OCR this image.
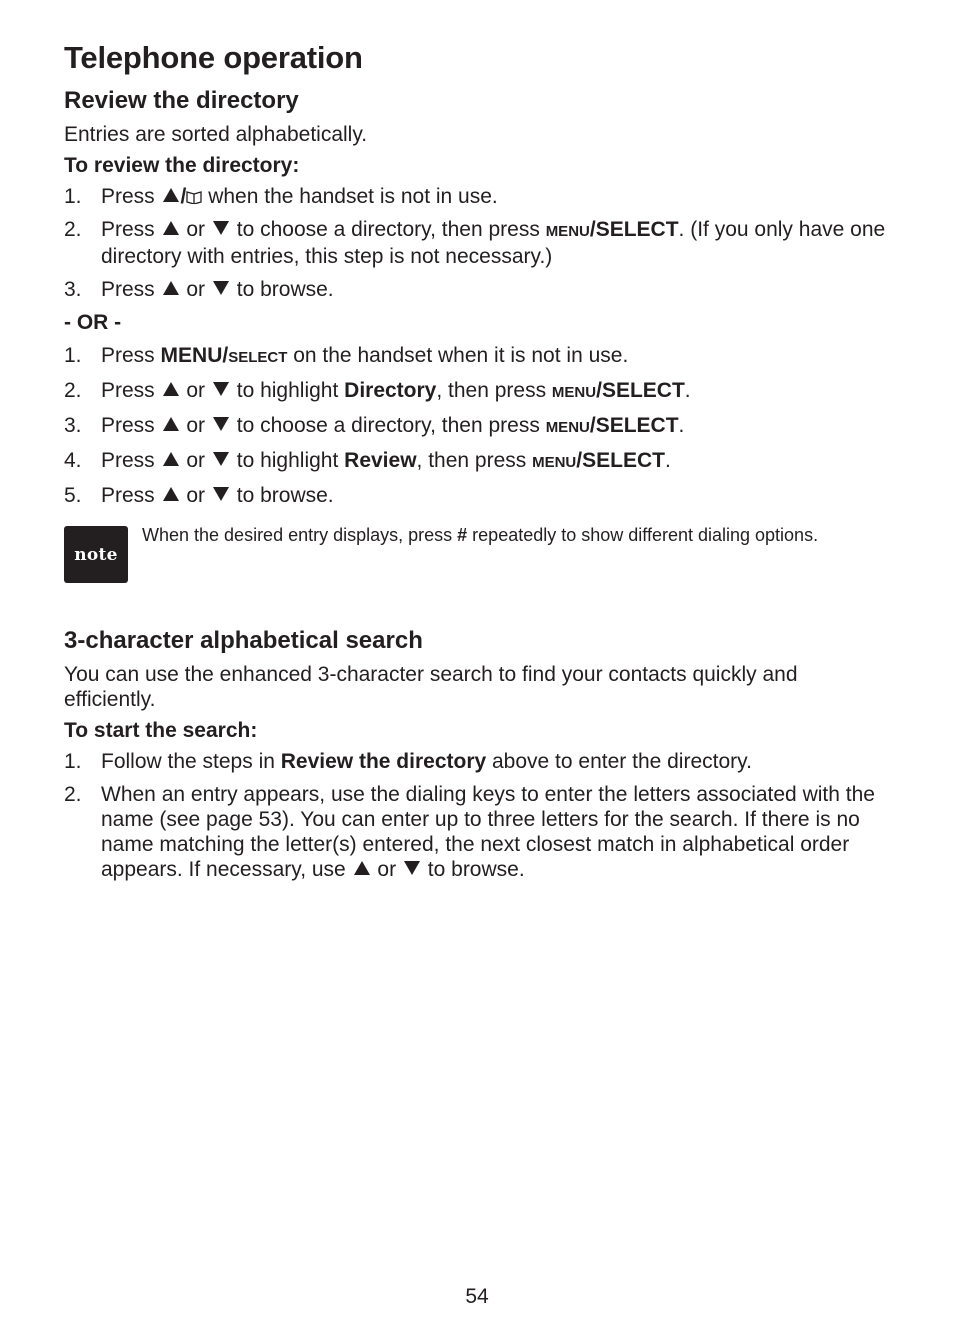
Telephone operation
Review the directory

Entries are sorted alphabetically.

To review the directory:
1. Press / when the handset is not in use.
2. Press or  to choose a directory, then press MENU/SELECT. (If you only have one directory with entries, this step is not necessary.)
3. Press or  to browse.
- OR -
1. Press MENU/SELECT on the handset when it is not in use.
2. Press or  to highlight Directory, then press MENU/SELECT.
3. Press or  to choose a directory, then press MENU/SELECT.
4. Press or  to highlight Review, then press MENU/SELECT.
5. Press or  to browse.
note
When the desired entry displays, press # repeatedly to show different dialing options.
3-character alphabetical search

You can use the enhanced 3-character search to find your contacts quickly and efficiently.

To start the search:
1. Follow the steps in Review the directory above to enter the directory.
2. When an entry appears, use the dialing keys to enter the letters associated with the name (see page 53). You can enter up to three letters for the search. If there is no name matching the letter(s) entered, the next closest match in alphabetical order appears. If necessary, use  or  to browse.
54
